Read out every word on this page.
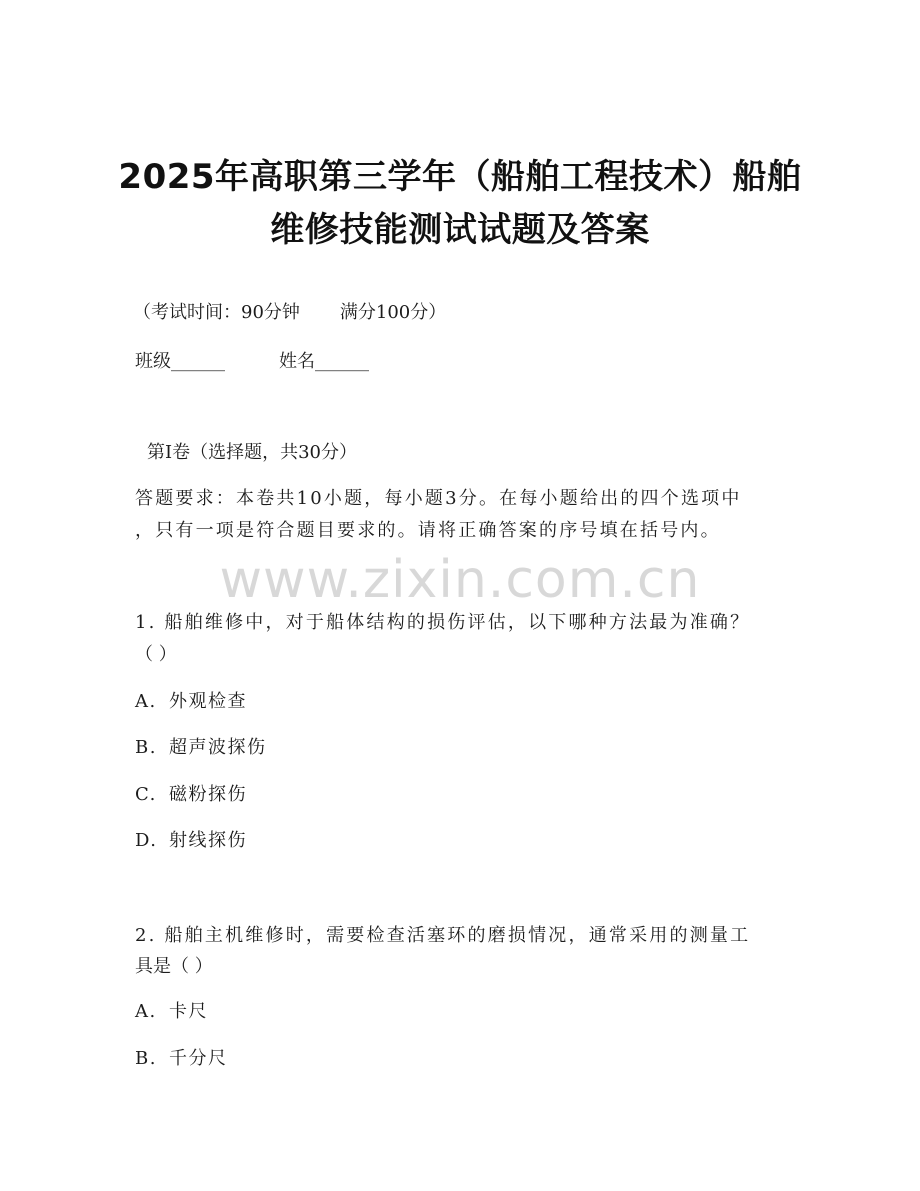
2025年高职第三学年（船舶工程技术）船舶
维修技能测试试题及答案
（考试时间：90分钟 满分100分）
班级______	姓名______
第I卷（选择题，共30分）
答题要求：本卷共10小题，每小题3分。在每小题给出的四个选项中
，只有一项是符合题目要求的。请将正确答案的序号填在括号内。
www.zixin.com.cn
1. 船舶维修中，对于船体结构的损伤评估，以下哪种方法最为准确？
（ ）
A. 外观检查
B. 超声波探伤
C. 磁粉探伤
D. 射线探伤
2. 船舶主机维修时，需要检查活塞环的磨损情况，通常采用的测量工
具是（ ）
A. 卡尺
B. 千分尺
